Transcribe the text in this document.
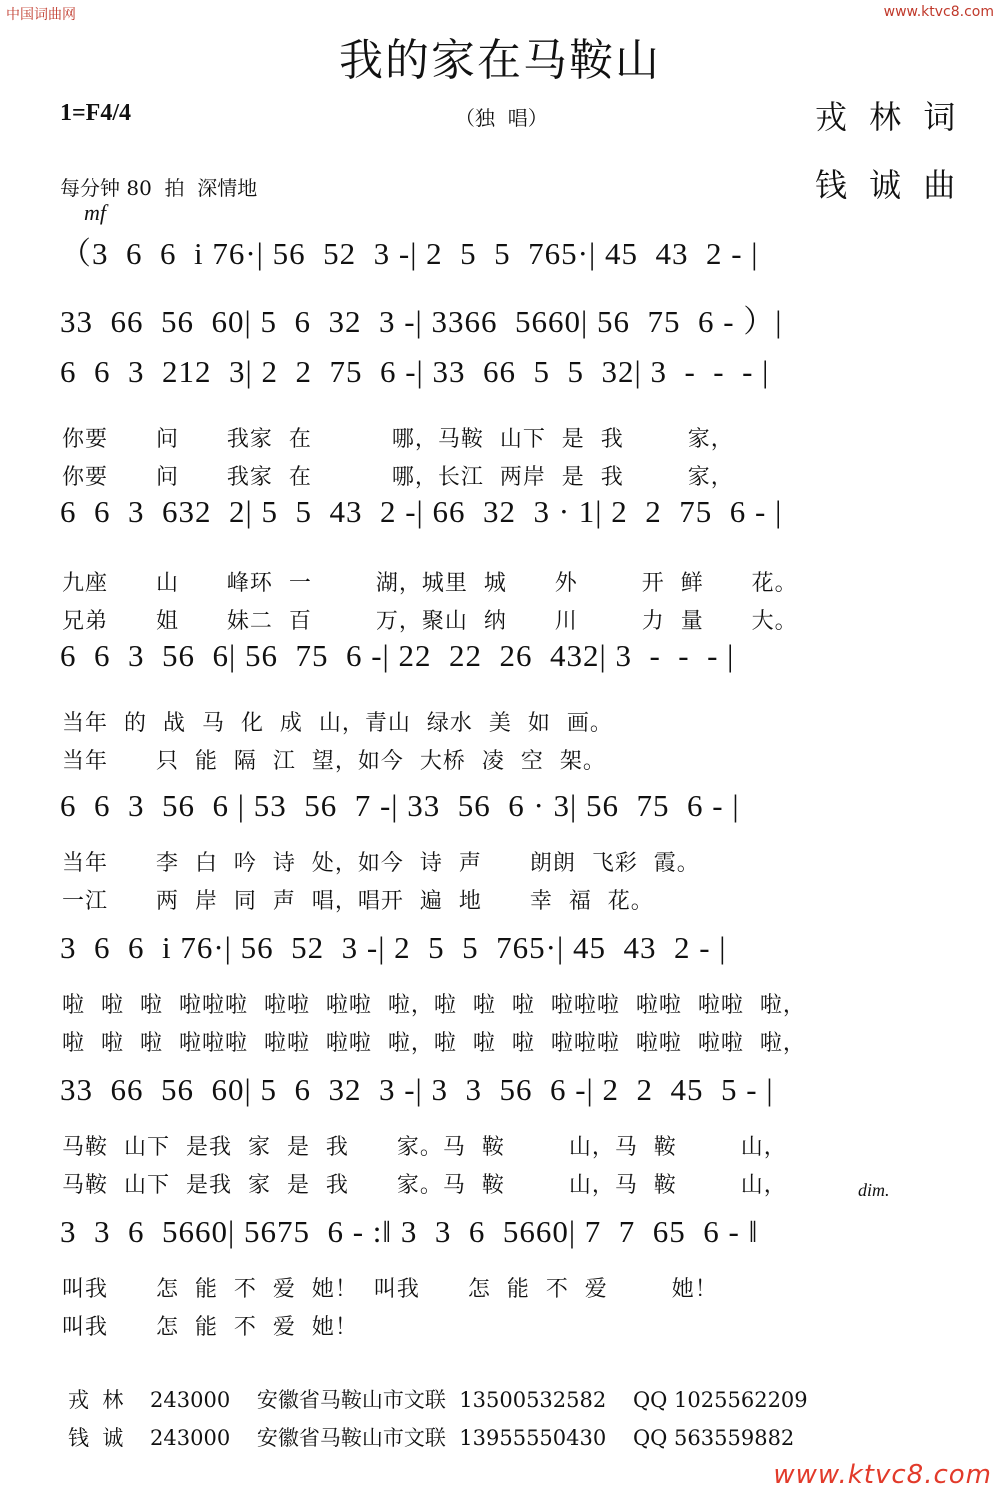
中国词曲网	www.ktvc8.com
我的家在马鞍山
1=F4/4	（独  唱）	戎 林 词
钱 诚 曲
每分钟 80  拍  深情地
mf
dim.
（3  6  6  i 76·| 56  52  3 -| 2  5  5  765·| 45  43  2 - |
33  66  56  60| 5  6  32  3 -| 3366  5660| 56  75  6 - ）|
6  6  3  212  3| 2  2  75  6 -| 33  66  5  5  32| 3  -  -  - |
你要      问      我家  在          哪，马鞍  山下  是  我        家，
你要      问      我家  在          哪，长江  两岸  是  我        家，
6  6  3  632  2| 5  5  43  2 -| 66  32  3 · 1| 2  2  75  6 - |
九座      山      峰环  一        湖，城里  城      外        开  鲜      花。
兄弟      姐      妹二  百        万，聚山  纳      川        力  量      大。
6  6  3  56  6| 56  75  6 -| 22  22  26  432| 3  -  -  - |
当年  的  战  马  化  成  山，青山  绿水  美  如  画。
当年      只  能  隔  江  望，如今  大桥  凌  空  架。
6  6  3  56  6 | 53  56  7 -| 33  56  6 · 3| 56  75  6 - |
当年      李  白  吟  诗  处，如今  诗  声      朗朗  飞彩  霞。
一江      两  岸  同  声  唱，唱开  遍  地      幸  福  花。
3  6  6  i 76·| 56  52  3 -| 2  5  5  765·| 45  43  2 - |
啦  啦  啦  啦啦啦  啦啦  啦啦  啦，啦  啦  啦  啦啦啦  啦啦  啦啦  啦，
啦  啦  啦  啦啦啦  啦啦  啦啦  啦，啦  啦  啦  啦啦啦  啦啦  啦啦  啦，
33  66  56  60| 5  6  32  3 -| 3  3  56  6 -| 2  2  45  5 - |
马鞍  山下  是我  家  是  我      家。马  鞍        山，马  鞍        山，
马鞍  山下  是我  家  是  我      家。马  鞍        山，马  鞍        山，
3  3  6  5660| 5675  6 - :‖ 3  3  6  5660| 7  7  65  6 - ‖
叫我      怎  能  不  爱  她！  叫我      怎  能  不  爱        她！
叫我      怎  能  不  爱  她！
戎  林    243000    安徽省马鞍山市文联  13500532582    QQ 1025562209
钱  诚    243000    安徽省马鞍山市文联  13955550430    QQ 563559882
www.ktvc8.com
